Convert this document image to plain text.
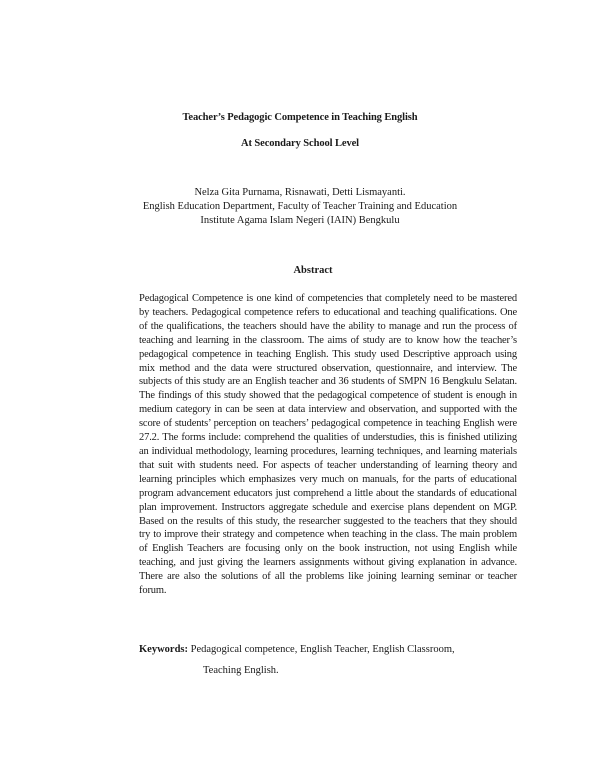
Teacher’s Pedagogic Competence in Teaching English
At Secondary School Level
Nelza Gita Purnama, Risnawati, Detti Lismayanti.
English Education Department, Faculty of Teacher Training and Education
Institute Agama Islam Negeri (IAIN) Bengkulu
Abstract
Pedagogical Competence is one kind of competencies that completely need to be mastered by teachers. Pedagogical competence refers to educational and teaching qualifications. One of the qualifications, the teachers should have the ability to manage and run the process of teaching and learning in the classroom. The aims of study are to know how the teacher’s pedagogical competence in teaching English. This study used Descriptive approach using mix method and the data were structured observation, questionnaire, and interview. The subjects of this study are an English teacher and 36 students of SMPN 16 Bengkulu Selatan. The findings of this study showed that the pedagogical competence of student is enough in medium category in can be seen at data interview and observation, and supported with the score of students’ perception on teachers’ pedagogical competence in teaching English were 27.2. The forms include: comprehend the qualities of understudies, this is finished utilizing an individual methodology, learning procedures, learning techniques, and learning materials that suit with students need. For aspects of teacher understanding of learning theory and learning principles which emphasizes very much on manuals, for the parts of educational program advancement educators just comprehend a little about the standards of educational plan improvement. Instructors aggregate schedule and exercise plans dependent on MGP. Based on the results of this study, the researcher suggested to the teachers that they should try to improve their strategy and competence when teaching in the class. The main problem of English Teachers are focusing only on the book instruction, not using English while teaching, and just giving the learners assignments without giving explanation in advance. There are also the solutions of all the problems like joining learning seminar or teacher forum.
Keywords: Pedagogical competence, English Teacher, English Classroom,
Teaching English.
